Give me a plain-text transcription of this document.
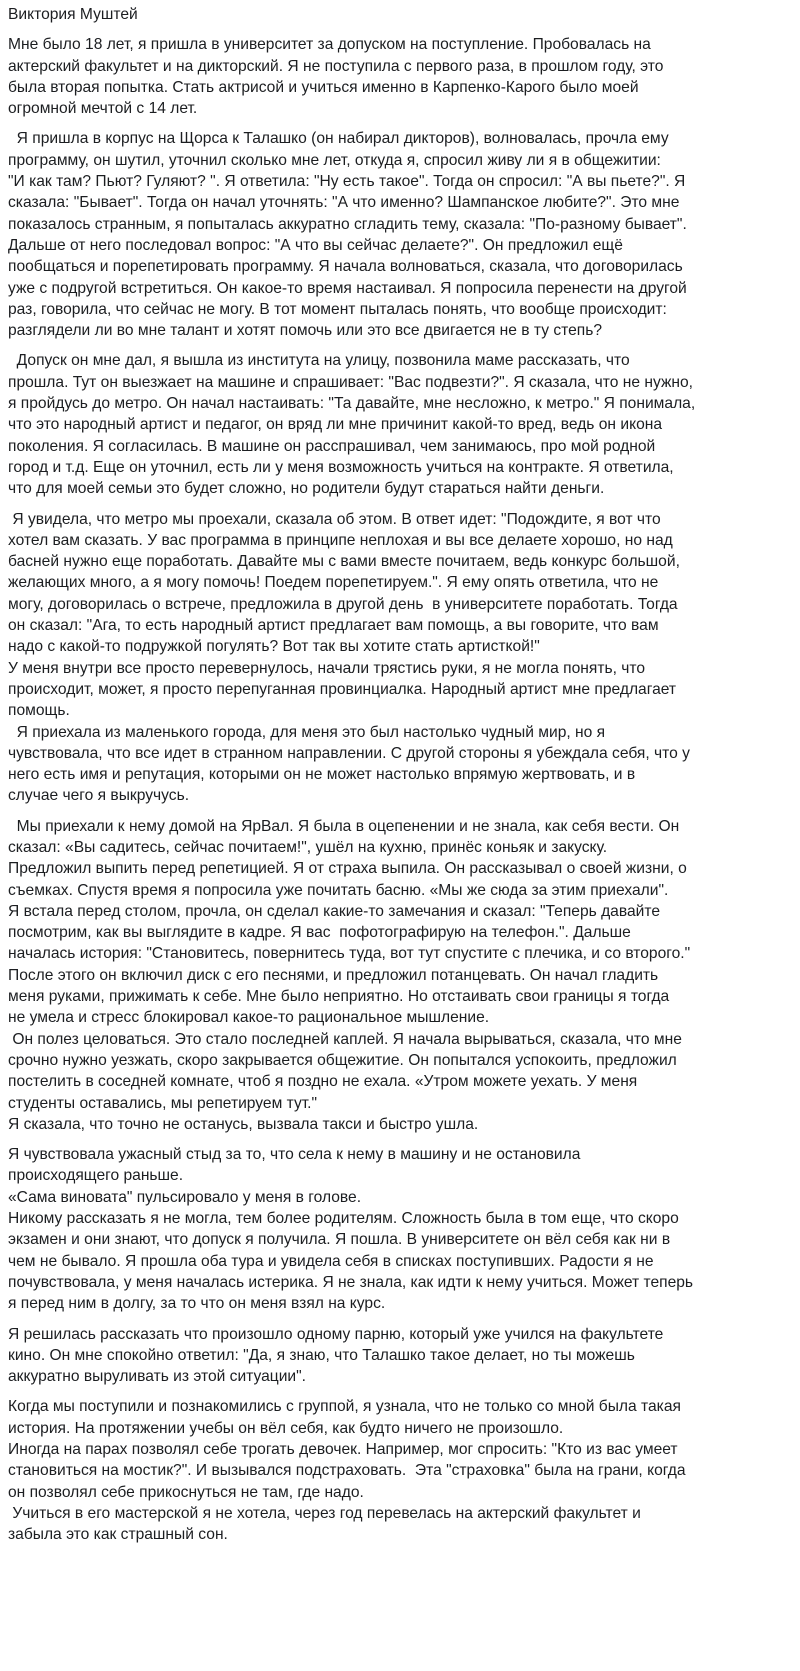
Виктория Муштей
Мне было 18 лет, я пришла в университет за допуском на поступление. Пробовалась на
актерский факультет и на дикторский. Я не поступила с первого раза, в прошлом году, это
была вторая попытка. Стать актрисой и учиться именно в Карпенко-Карого было моей
огромной мечтой с 14 лет.
Я пришла в корпус на Щорса к Талашко (он набирал дикторов), волновалась, прочла ему
программу, он шутил, уточнил сколько мне лет, откуда я, спросил живу ли я в общежитии:
"И как там? Пьют? Гуляют? ". Я ответила: "Ну есть такое". Тогда он спросил: "А вы пьете?". Я
сказала: "Бывает". Тогда он начал уточнять: "А что именно? Шампанское любите?". Это мне
показалось странным, я попыталась аккуратно сгладить тему, сказала: "По-разному бывает".
Дальше от него последовал вопрос: "А что вы сейчас делаете?". Он предложил ещё
пообщаться и порепетировать программу. Я начала волноваться, сказала, что договорилась
уже с подругой встретиться. Он какое-то время настаивал. Я попросила перенести на другой
раз, говорила, что сейчас не могу. В тот момент пыталась понять, что вообще происходит:
разглядели ли во мне талант и хотят помочь или это все двигается не в ту степь?
Допуск он мне дал, я вышла из института на улицу, позвонила маме рассказать, что
прошла. Тут он выезжает на машине и спрашивает: "Вас подвезти?". Я сказала, что не нужно,
я пройдусь до метро. Он начал настаивать: "Та давайте, мне несложно, к метро." Я понимала,
что это народный артист и педагог, он вряд ли мне причинит какой-то вред, ведь он икона
поколения. Я согласилась. В машине он расспрашивал, чем занимаюсь, про мой родной
город и т.д. Еще он уточнил, есть ли у меня возможность учиться на контракте. Я ответила,
что для моей семьи это будет сложно, но родители будут стараться найти деньги.
Я увидела, что метро мы проехали, сказала об этом. В ответ идет: "Подождите, я вот что
хотел вам сказать. У вас программа в принципе неплохая и вы все делаете хорошо, но над
басней нужно еще поработать. Давайте мы с вами вместе почитаем, ведь конкурс большой,
желающих много, а я могу помочь! Поедем порепетируем.". Я ему опять ответила, что не
могу, договорилась о встрече, предложила в другой день  в университете поработать. Тогда
он сказал: "Ага, то есть народный артист предлагает вам помощь, а вы говорите, что вам
надо с какой-то подружкой погулять? Вот так вы хотите стать артисткой!"
У меня внутри все просто перевернулось, начали трястись руки, я не могла понять, что
происходит, может, я просто перепуганная провинциалка. Народный артист мне предлагает
помощь.
Я приехала из маленького города, для меня это был настолько чудный мир, но я
чувствовала, что все идет в странном направлении. С другой стороны я убеждала себя, что у
него есть имя и репутация, которыми он не может настолько впрямую жертвовать, и в
случае чего я выкручусь.
Мы приехали к нему домой на ЯрВал. Я была в оцепенении и не знала, как себя вести. Он
сказал: «Вы садитесь, сейчас почитаем!", ушёл на кухню, принёс коньяк и закуску.
Предложил выпить перед репетицией. Я от страха выпила. Он рассказывал о своей жизни, о
съемках. Спустя время я попросила уже почитать басню. «Мы же сюда за этим приехали".
Я встала перед столом, прочла, он сделал какие-то замечания и сказал: "Теперь давайте
посмотрим, как вы выглядите в кадре. Я вас  пофотографирую на телефон.". Дальше
началась история: "Становитесь, повернитесь туда, вот тут спустите с плечика, и со второго."
После этого он включил диск с его песнями, и предложил потанцевать. Он начал гладить
меня руками, прижимать к себе. Мне было неприятно. Но отстаивать свои границы я тогда
не умела и стресс блокировал какое-то рациональное мышление.
Он полез целоваться. Это стало последней каплей. Я начала вырываться, сказала, что мне
срочно нужно уезжать, скоро закрывается общежитие. Он попытался успокоить, предложил
постелить в соседней комнате, чтоб я поздно не ехала. «Утром можете уехать. У меня
студенты оставались, мы репетируем тут."
Я сказала, что точно не останусь, вызвала такси и быстро ушла.
Я чувствовала ужасный стыд за то, что села к нему в машину и не остановила
происходящего раньше.
«Сама виновата" пульсировало у меня в голове.
Никому рассказать я не могла, тем более родителям. Сложность была в том еще, что скоро
экзамен и они знают, что допуск я получила. Я пошла. В университете он вёл себя как ни в
чем не бывало. Я прошла оба тура и увидела себя в списках поступивших. Радости я не
почувствовала, у меня началась истерика. Я не знала, как идти к нему учиться. Может теперь
я перед ним в долгу, за то что он меня взял на курс.
Я решилась рассказать что произошло одному парню, который уже учился на факультете
кино. Он мне спокойно ответил: "Да, я знаю, что Талашко такое делает, но ты можешь
аккуратно выруливать из этой ситуации".
Когда мы поступили и познакомились с группой, я узнала, что не только со мной была такая
история. На протяжении учебы он вёл себя, как будто ничего не произошло.
Иногда на парах позволял себе трогать девочек. Например, мог спросить: "Кто из вас умеет
становиться на мостик?". И вызывался подстраховать.  Эта "страховка" была на грани, когда
он позволял себе прикоснуться не там, где надо.
Учиться в его мастерской я не хотела, через год перевелась на актерский факультет и
забыла это как страшный сон.
